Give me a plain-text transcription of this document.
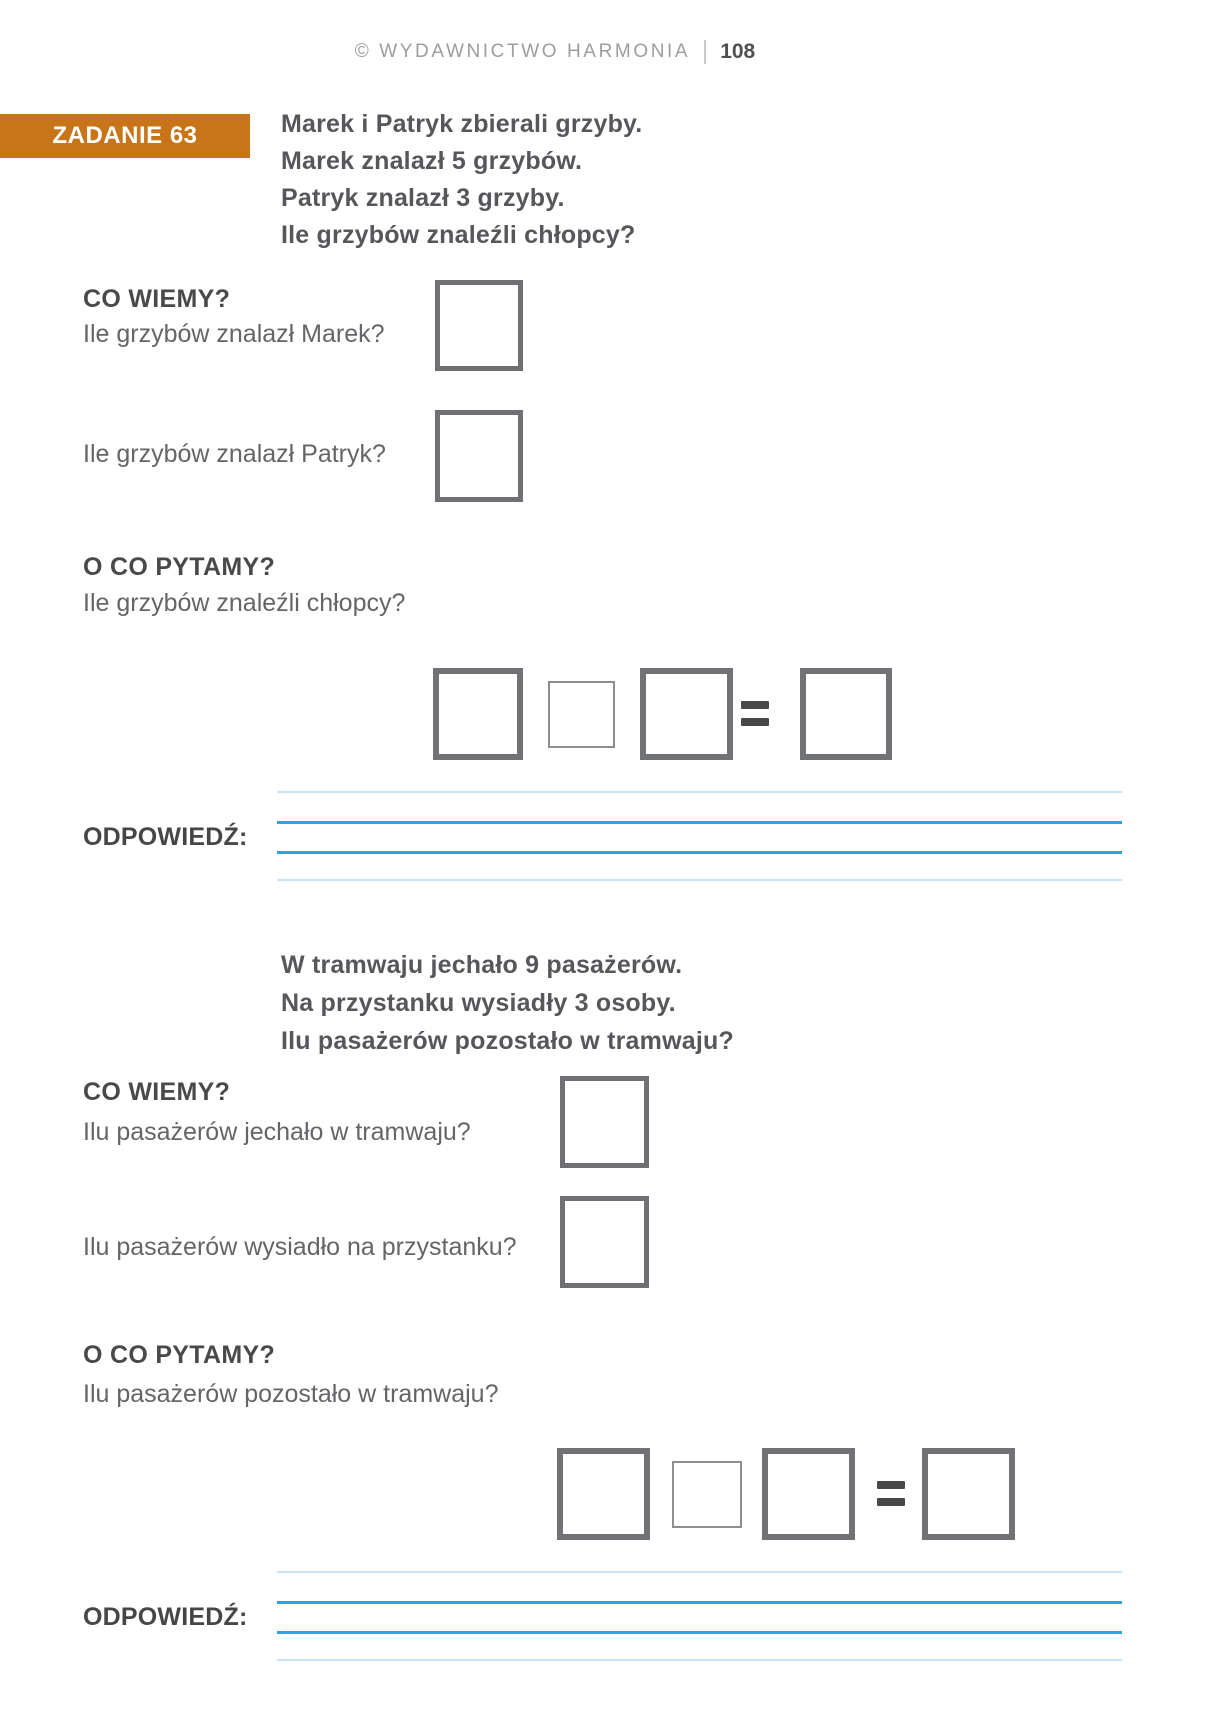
© WYDAWNICTWO HARMONIA 108
ZADANIE 63	Marek i Patryk zbierali grzyby.
Marek znalazł 5 grzybów.
Patryk znalazł 3 grzyby.
Ile grzybów znaleźli chłopcy?
CO WIEMY?
Ile grzybów znalazł Marek?
Ile grzybów znalazł Patryk?
O CO PYTAMY?
Ile grzybów znaleźli chłopcy?
ODPOWIEDŹ:
W tramwaju jechało 9 pasażerów.
Na przystanku wysiadły 3 osoby.
Ilu pasażerów pozostało w tramwaju?
CO WIEMY?
Ilu pasażerów jechało w tramwaju?
Ilu pasażerów wysiadło na przystanku?
O CO PYTAMY?
Ilu pasażerów pozostało w tramwaju?
ODPOWIEDŹ:
